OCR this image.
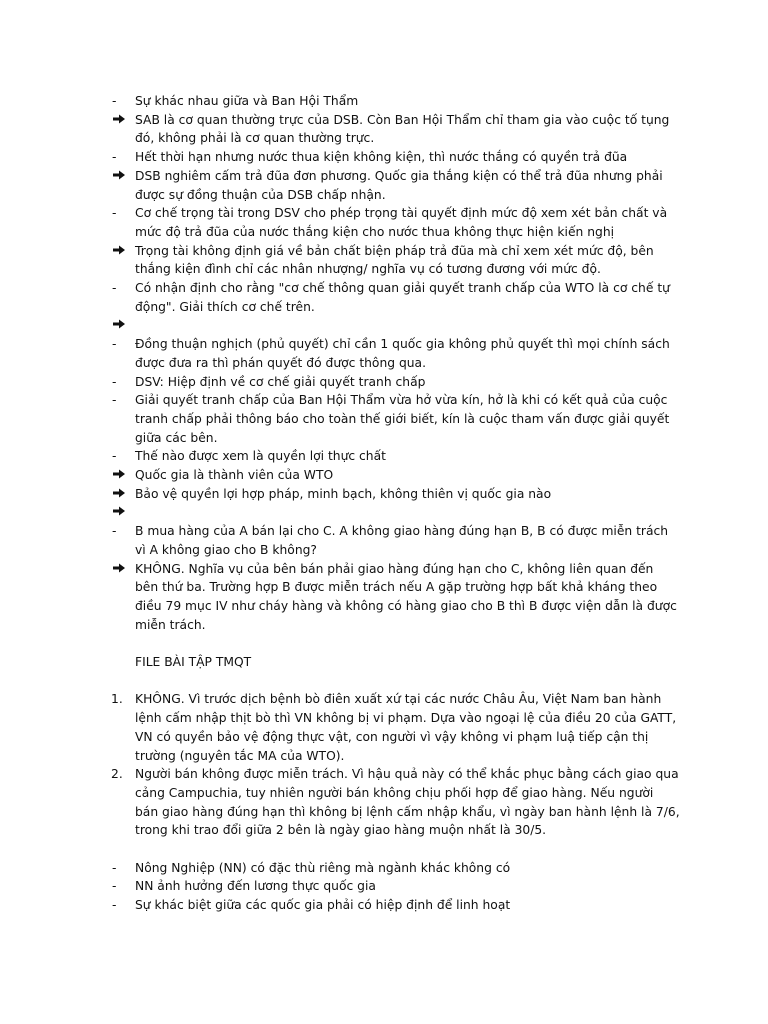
-	Sự khác nhau giữa và Ban Hội Thẩm
SAB là cơ quan thường trực của DSB. Còn Ban Hội Thẩm chỉ tham gia vào cuộc tố tụng đó, không phải là cơ quan thường trực.
-	Hết thời hạn nhưng nước thua kiện không kiện, thì nước thắng có quyền trả đũa
DSB nghiêm cấm trả đũa đơn phương. Quốc gia thắng kiện có thể trả đũa nhưng phải được sự đồng thuận của DSB chấp nhận.
-	Cơ chế trọng tài trong DSV cho phép trọng tài quyết định mức độ xem xét bản chất và mức độ trả đũa của nước thắng kiện cho nước thua không thực hiện kiến nghị
Trọng tài không định giá về bản chất biện pháp trả đũa mà chỉ xem xét mức độ, bên thắng kiện đình chỉ các nhân nhượng/ nghĩa vụ có tương đương với mức độ.
-	Có nhận định cho rằng "cơ chế thông quan giải quyết tranh chấp của WTO là cơ chế tự động". Giải thích cơ chế trên.
-	Đồng thuận nghịch (phủ quyết) chỉ cần 1 quốc gia không phủ quyết thì mọi chính sách được đưa ra thì phán quyết đó được thông qua.
-	DSV: Hiệp định về cơ chế giải quyết tranh chấp
-	Giải quyết tranh chấp của Ban Hội Thẩm vừa hở vừa kín, hở là khi có kết quả của cuộc tranh chấp phải thông báo cho toàn thế giới biết, kín là cuộc tham vấn được giải quyết giữa các bên.
-	Thế nào được xem là quyền lợi thực chất
Quốc gia là thành viên của WTO
Bảo vệ quyền lợi hợp pháp, minh bạch, không thiên vị quốc gia nào
-	B mua hàng của A bán lại cho C. A không giao hàng đúng hạn B, B có được miễn trách vì A không giao cho B không?
KHÔNG. Nghĩa vụ của bên bán phải giao hàng đúng hạn cho C, không liên quan đến bên thứ ba. Trường hợp B được miễn trách nếu A gặp trường hợp bất khả kháng theo điều 79 mục IV như cháy hàng và không có hàng giao cho B thì B được viện dẫn là được miễn trách.
FILE BÀI TẬP TMQT
1. KHÔNG. Vì trước dịch bệnh bò điên xuất xứ tại các nước Châu Âu, Việt Nam ban hành lệnh cấm nhập thịt bò thì VN không bị vi phạm. Dựa vào ngoại lệ của điều 20 của GATT, VN có quyền bảo vệ động thực vật, con người vì vậy không vi phạm luậ tiếp cận thị trường (nguyên tắc MA của WTO).
2. Người bán không được miễn trách. Vì hậu quả này có thể khắc phục bằng cách giao qua cảng Campuchia, tuy nhiên người bán không chịu phối hợp để giao hàng. Nếu người bán giao hàng đúng hạn thì không bị lệnh cấm nhập khẩu, vì ngày ban hành lệnh là 7/6, trong khi trao đổi giữa 2 bên là ngày giao hàng muộn nhất là 30/5.
-	Nông Nghiệp (NN) có đặc thù riêng mà ngành khác không có
-	NN ảnh hưởng đến lương thực quốc gia
-	Sự khác biệt giữa các quốc gia phải có hiệp định để linh hoạt
